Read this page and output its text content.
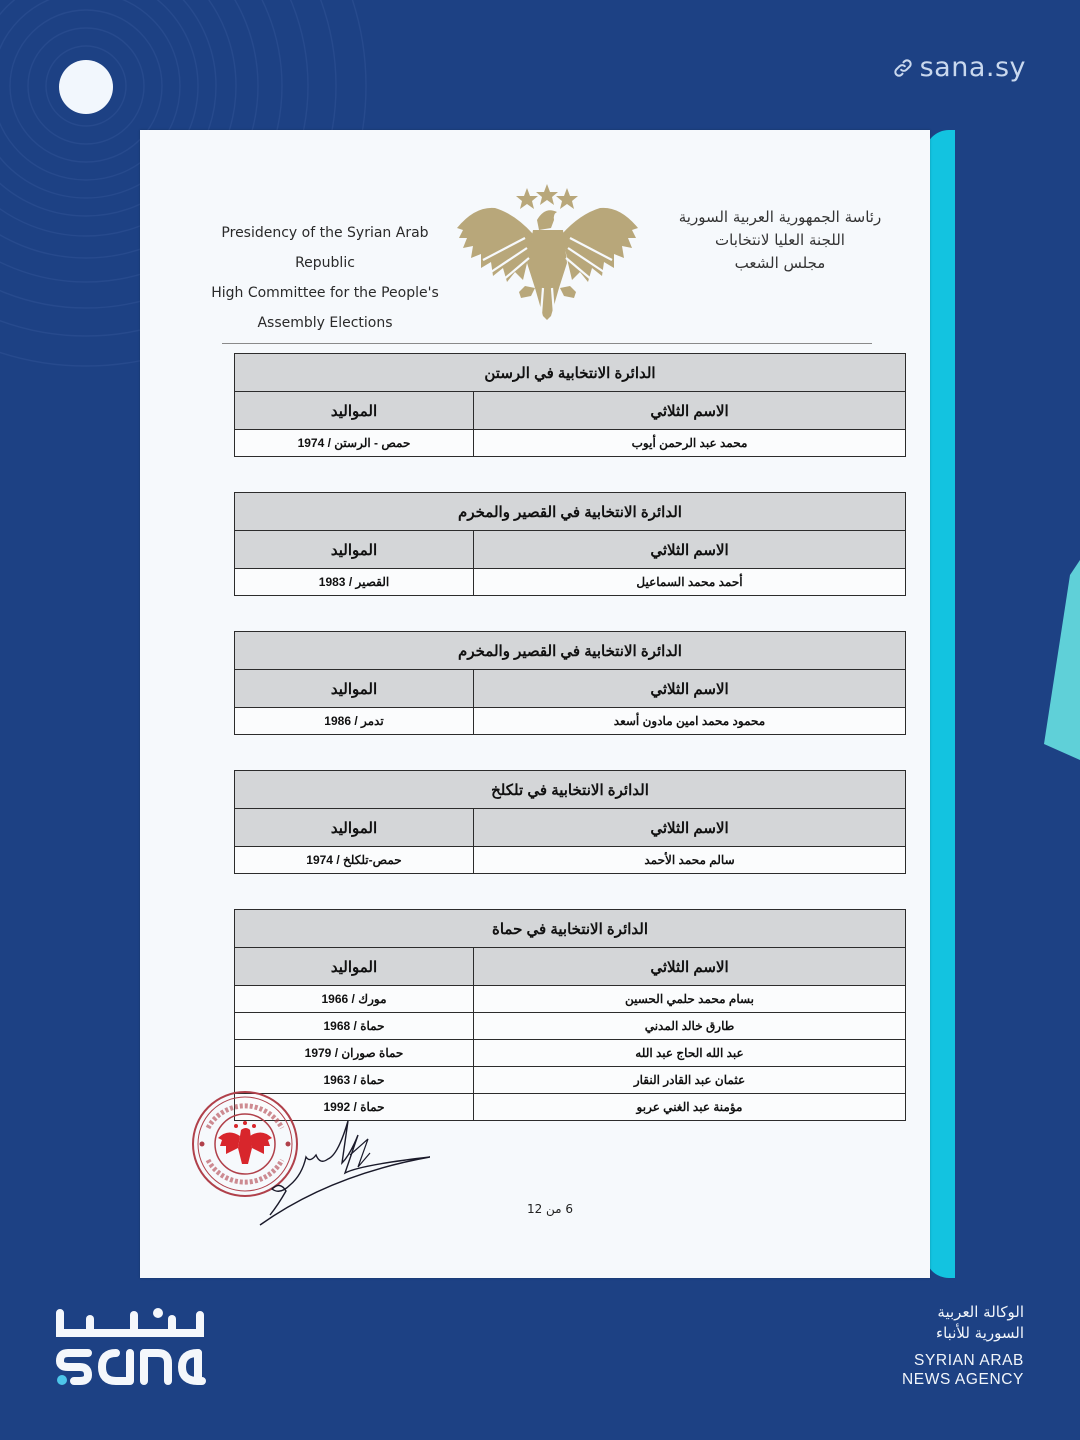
sana.sy
Presidency of the Syrian Arab Republic
High Committee for the People's
Assembly Elections
رئاسة الجمهورية العربية السورية
اللجنة العليا لانتخابات
مجلس الشعب
الدائرة الانتخابية في الرستن	
الاسم الثلاثي	المواليد
محمد عبد الرحمن أيوب	حمص - الرستن / 1974
الدائرة الانتخابية في القصير والمخرم	
الاسم الثلاثي	المواليد
أحمد محمد السماعيل	القصير / 1983
الدائرة الانتخابية في القصير والمخرم	
الاسم الثلاثي	المواليد
محمود محمد امين مادون أسعد	تدمر / 1986
الدائرة الانتخابية في تلكلخ	
الاسم الثلاثي	المواليد
سالم محمد الأحمد	حمص-تلكلخ / 1974
الدائرة الانتخابية في حماة	
الاسم الثلاثي	المواليد
بسام محمد حلمي الحسين	مورك / 1966
طارق خالد المدني	حماة / 1968
عبد الله الحاج عبد الله	حماة صوران / 1979
عثمان عبد القادر النقار	حماة / 1963
مؤمنة عبد الغني عربو	حماة / 1992
6 من 12
الوكالة العربية
السورية للأنباء
SYRIAN ARAB
NEWS AGENCY
